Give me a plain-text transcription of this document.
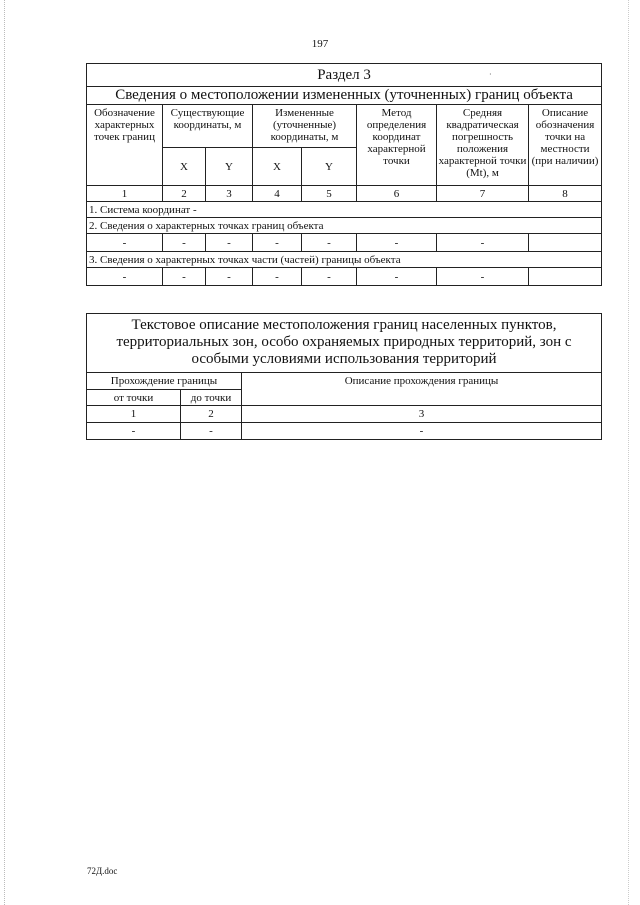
197
·
Раздел 3							
Сведения о местоположении измененных (уточненных) границ объекта							
Обозначение характерных точек границ	Существующие координаты, м		Измененные (уточненные) координаты, м		Метод определения координат характерной точки	Средняя квадратическая погрешность положения характерной точки (Mt), м	Описание обозначения точки на местности (при наличии)
	X	Y	X	Y			
1	2	3	4	5	6	7	8
1. Система координат -							
2. Сведения о характерных точках границ объекта							
-	-	-	-	-	-	-	
3. Сведения о характерных точках части (частей) границы объекта							
-	-	-	-	-	-	-	
Текстовое описание местоположения границ населенных пунктов, территориальных зон, особо охраняемых природных территорий, зон с особыми условиями использования территорий		
Прохождение границы		Описание прохождения границы
от точки	до точки	
1	2	3
-	-	-
72Д.doc
